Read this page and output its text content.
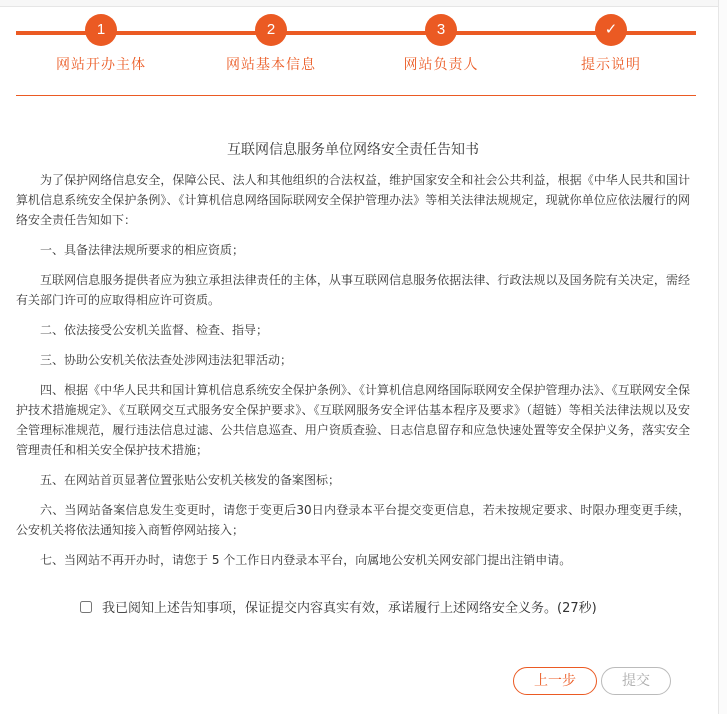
1
网站开办主体
2
网站基本信息
3
网站负责人
✓
提示说明
互联网信息服务单位网络安全责任告知书

为了保护网络信息安全，保障公民、法人和其他组织的合法权益，维护国家安全和社会公共利益，根据《中华人民共和国计算机信息系统安全保护条例》、《计算机信息网络国际联网安全保护管理办法》等相关法律法规规定，现就你单位应依法履行的网络安全责任告知如下：

一、具备法律法规所要求的相应资质；

互联网信息服务提供者应为独立承担法律责任的主体，从事互联网信息服务依据法律、行政法规以及国务院有关决定，需经有关部门许可的应取得相应许可资质。

二、依法接受公安机关监督、检查、指导；

三、协助公安机关依法查处涉网违法犯罪活动；

四、根据《中华人民共和国计算机信息系统安全保护条例》、《计算机信息网络国际联网安全保护管理办法》、《互联网安全保护技术措施规定》、《互联网交互式服务安全保护要求》、《互联网服务安全评估基本程序及要求》（超链）等相关法律法规以及安全管理标准规范，履行违法信息过滤、公共信息巡查、用户资质查验、日志信息留存和应急快速处置等安全保护义务，落实安全管理责任和相关安全保护技术措施；

五、在网站首页显著位置张贴公安机关核发的备案图标；

六、当网站备案信息发生变更时，请您于变更后30日内登录本平台提交变更信息，若未按规定要求、时限办理变更手续，公安机关将依法通知接入商暂停网站接入；

七、当网站不再开办时，请您于 5 个工作日内登录本平台，向属地公安机关网安部门提出注销申请。

我已阅知上述告知事项，保证提交内容真实有效，承诺履行上述网络安全义务。(27秒)
上一步	提交
